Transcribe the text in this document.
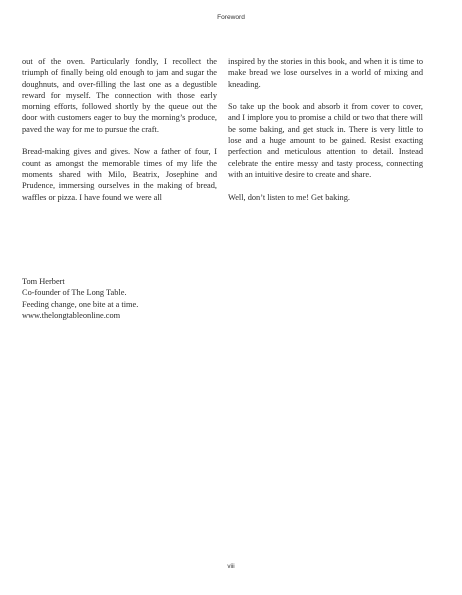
Foreword

out of the oven. Particularly fondly, I recollect the triumph of finally being old enough to jam and sugar the doughnuts, and over-filling the last one as a degustible reward for myself. The connection with those early morning efforts, followed shortly by the queue out the door with customers eager to buy the morning’s produce, paved the way for me to pursue the craft.

Bread-making gives and gives. Now a father of four, I count as amongst the memorable times of my life the moments shared with Milo, Beatrix, Josephine and Prudence, immersing ourselves in the making of bread, waffles or pizza. I have found we were all

inspired by the stories in this book, and when it is time to make bread we lose ourselves in a world of mixing and kneading.

So take up the book and absorb it from cover to cover, and I implore you to promise a child or two that there will be some baking, and get stuck in. There is very little to lose and a huge amount to be gained. Resist exacting perfection and meticulous attention to detail. Instead celebrate the entire messy and tasty process, connecting with an intuitive desire to create and share.

Well, don’t listen to me! Get baking.

Tom Herbert
Co-founder of The Long Table.
Feeding change, one bite at a time.
www.thelongtableonline.com
viii
